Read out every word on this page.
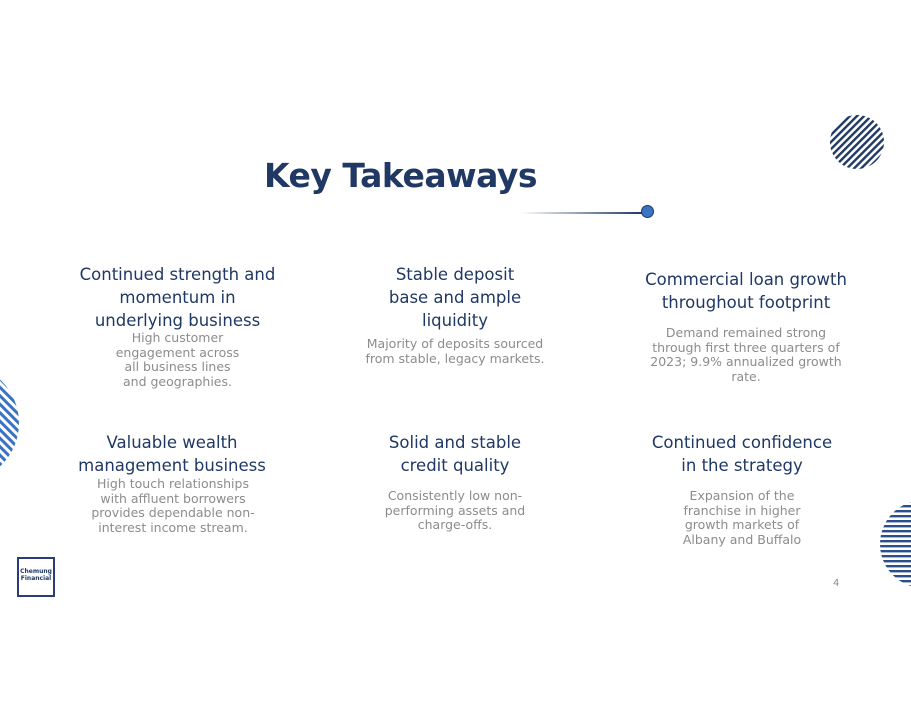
Key Takeaways
Continued strength and momentum in underlying business
High customer engagement across all business lines and geographies.
Stable deposit base and ample liquidity
Majority of deposits sourced from stable, legacy markets.
Commercial loan growth throughout footprint
Demand remained strong through first three quarters of 2023; 9.9% annualized growth rate.
Valuable wealth management business
High touch relationships with affluent borrowers provides dependable non-interest income stream.
Solid and stable credit quality
Consistently low non-performing assets and charge-offs.
Continued confidence in the strategy
Expansion of the franchise in higher growth markets of Albany and Buffalo
Chemung
Financial	4
